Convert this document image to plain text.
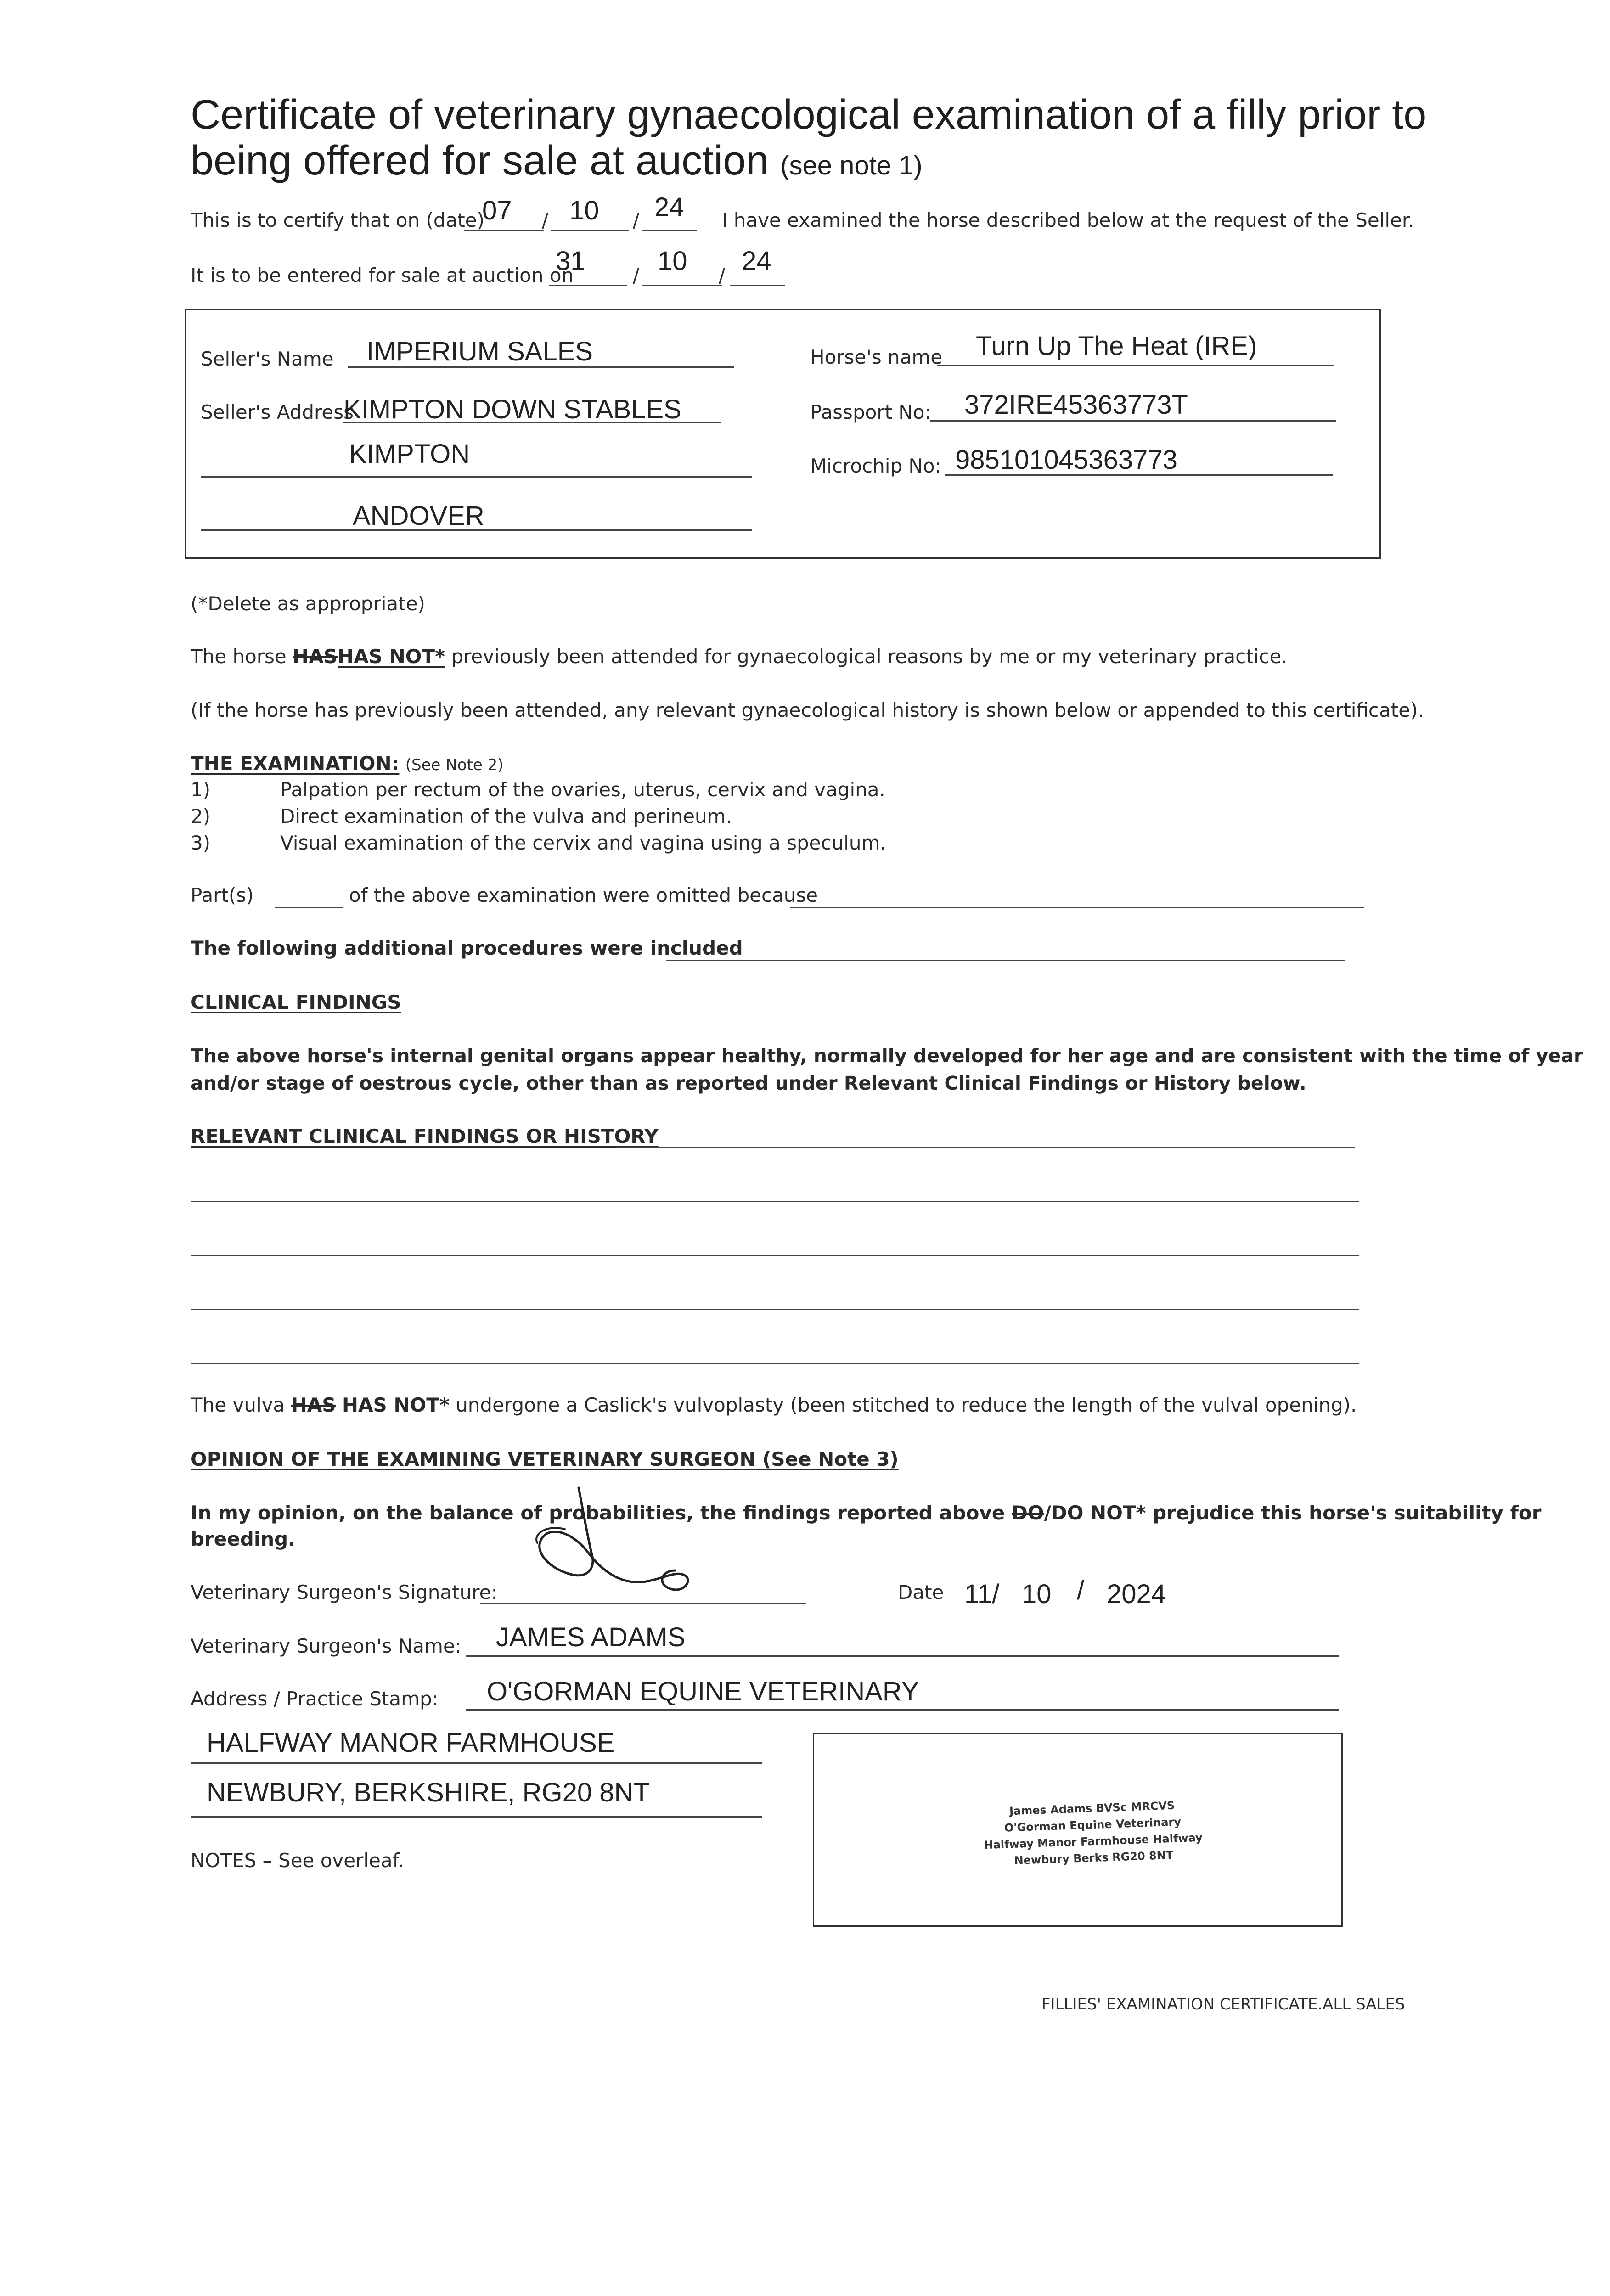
Certificate of veterinary gynaecological examination of a filly prior to
being offered for sale at auction (see note 1)
This is to certify that on (date)
07 / 10 / 24 I have examined the horse described below at the request of the Seller.
It is to be entered for sale at auction on
31 / 10 / 24
Seller's Name IMPERIUM SALES
Seller's Address
KIMPTON DOWN STABLES
KIMPTON
ANDOVER
Horse's name Turn Up The Heat (IRE)
Passport No: 372IRE45363773T
Microchip No: 985101045363773
(*Delete as appropriate)
The horse HASHAS NOT* previously been attended for gynaecological reasons by me or my veterinary practice.
(If the horse has previously been attended, any relevant gynaecological history is shown below or appended to this certificate).
THE EXAMINATION: (See Note 2)
1)	Palpation per rectum of the ovaries, uterus, cervix and vagina.
2)	Direct examination of the vulva and perineum.
3)	Visual examination of the cervix and vagina using a speculum.
Part(s)	of the above examination were omitted because
The following additional procedures were included
CLINICAL FINDINGS
The above horse's internal genital organs appear healthy, normally developed for her age and are consistent with the time of year
and/or stage of oestrous cycle, other than as reported under Relevant Clinical Findings or History below.
RELEVANT CLINICAL FINDINGS OR HISTORY
The vulva HAS HAS NOT* undergone a Caslick's vulvoplasty (been stitched to reduce the length of the vulval opening).
OPINION OF THE EXAMINING VETERINARY SURGEON (See Note 3)
In my opinion, on the balance of probabilities, the findings reported above DO/DO NOT* prejudice this horse's suitability for
breeding.
Veterinary Surgeon's Signature:	Date 11/ 10 / 2024
Veterinary Surgeon's Name: JAMES ADAMS
Address / Practice Stamp: O'GORMAN EQUINE VETERINARY
HALFWAY MANOR FARMHOUSE
NEWBURY, BERKSHIRE, RG20 8NT
James Adams BVSc MRCVS
O'Gorman Equine Veterinary
Halfway Manor Farmhouse Halfway
Newbury Berks RG20 8NT
NOTES – See overleaf.
FILLIES' EXAMINATION CERTIFICATE.ALL SALES
